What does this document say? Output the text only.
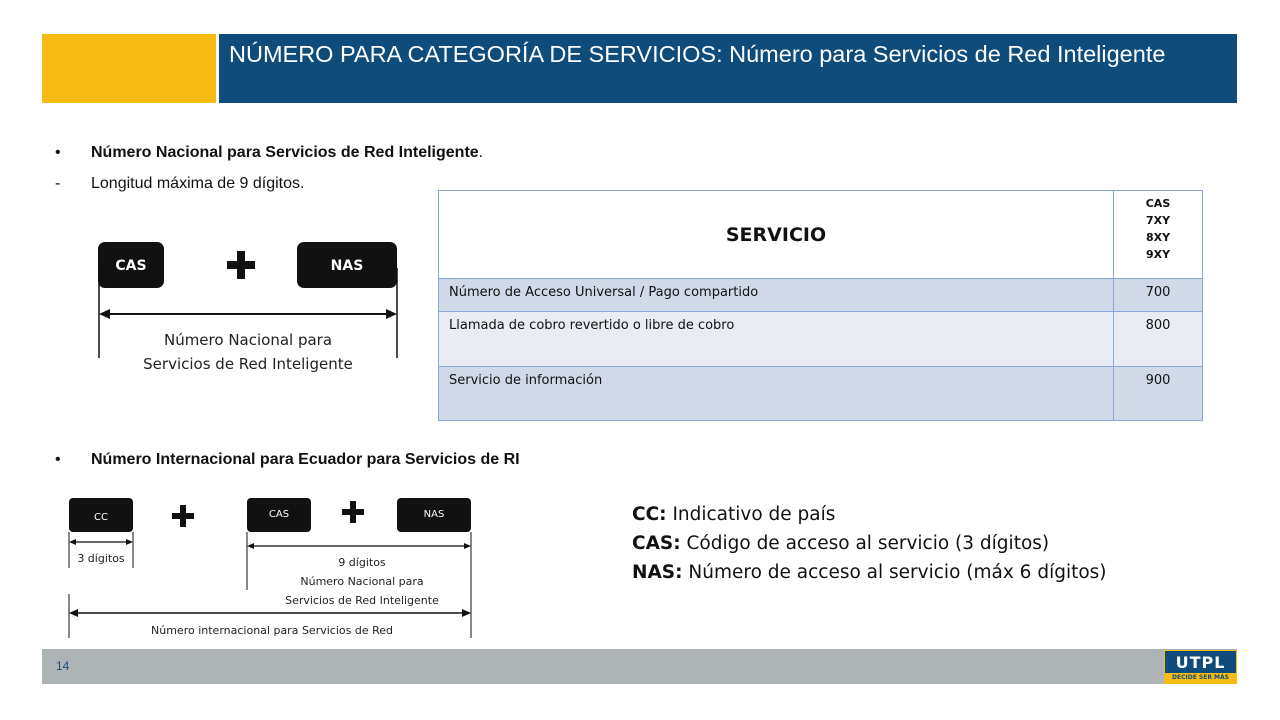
NÚMERO PARA CATEGORÍA DE SERVICIOS: Número para Servicios de Red Inteligente
•	Número Nacional para Servicios de Red Inteligente.
-	Longitud máxima de 9 dígitos.
CAS	NAS
Número Nacional para
Servicios de Red Inteligente
SERVICIO	CAS
7XY
8XY
9XY

Número de Acceso Universal / Pago compartido	700
Llamada de cobro revertido o libre de cobro	800
Servicio de información	900
•	Número Internacional para Ecuador para Servicios de RI
CC	CAS	NAS
3 dígitos	9 dígitos
Número Nacional para
Servicios de Red Inteligente
Número internacional para Servicios de Red
CC: Indicativo de país
CAS: Código de acceso al servicio (3 dígitos)
NAS: Número de acceso al servicio (máx 6 dígitos)
14	UTPL
DECIDE SER MÁS
